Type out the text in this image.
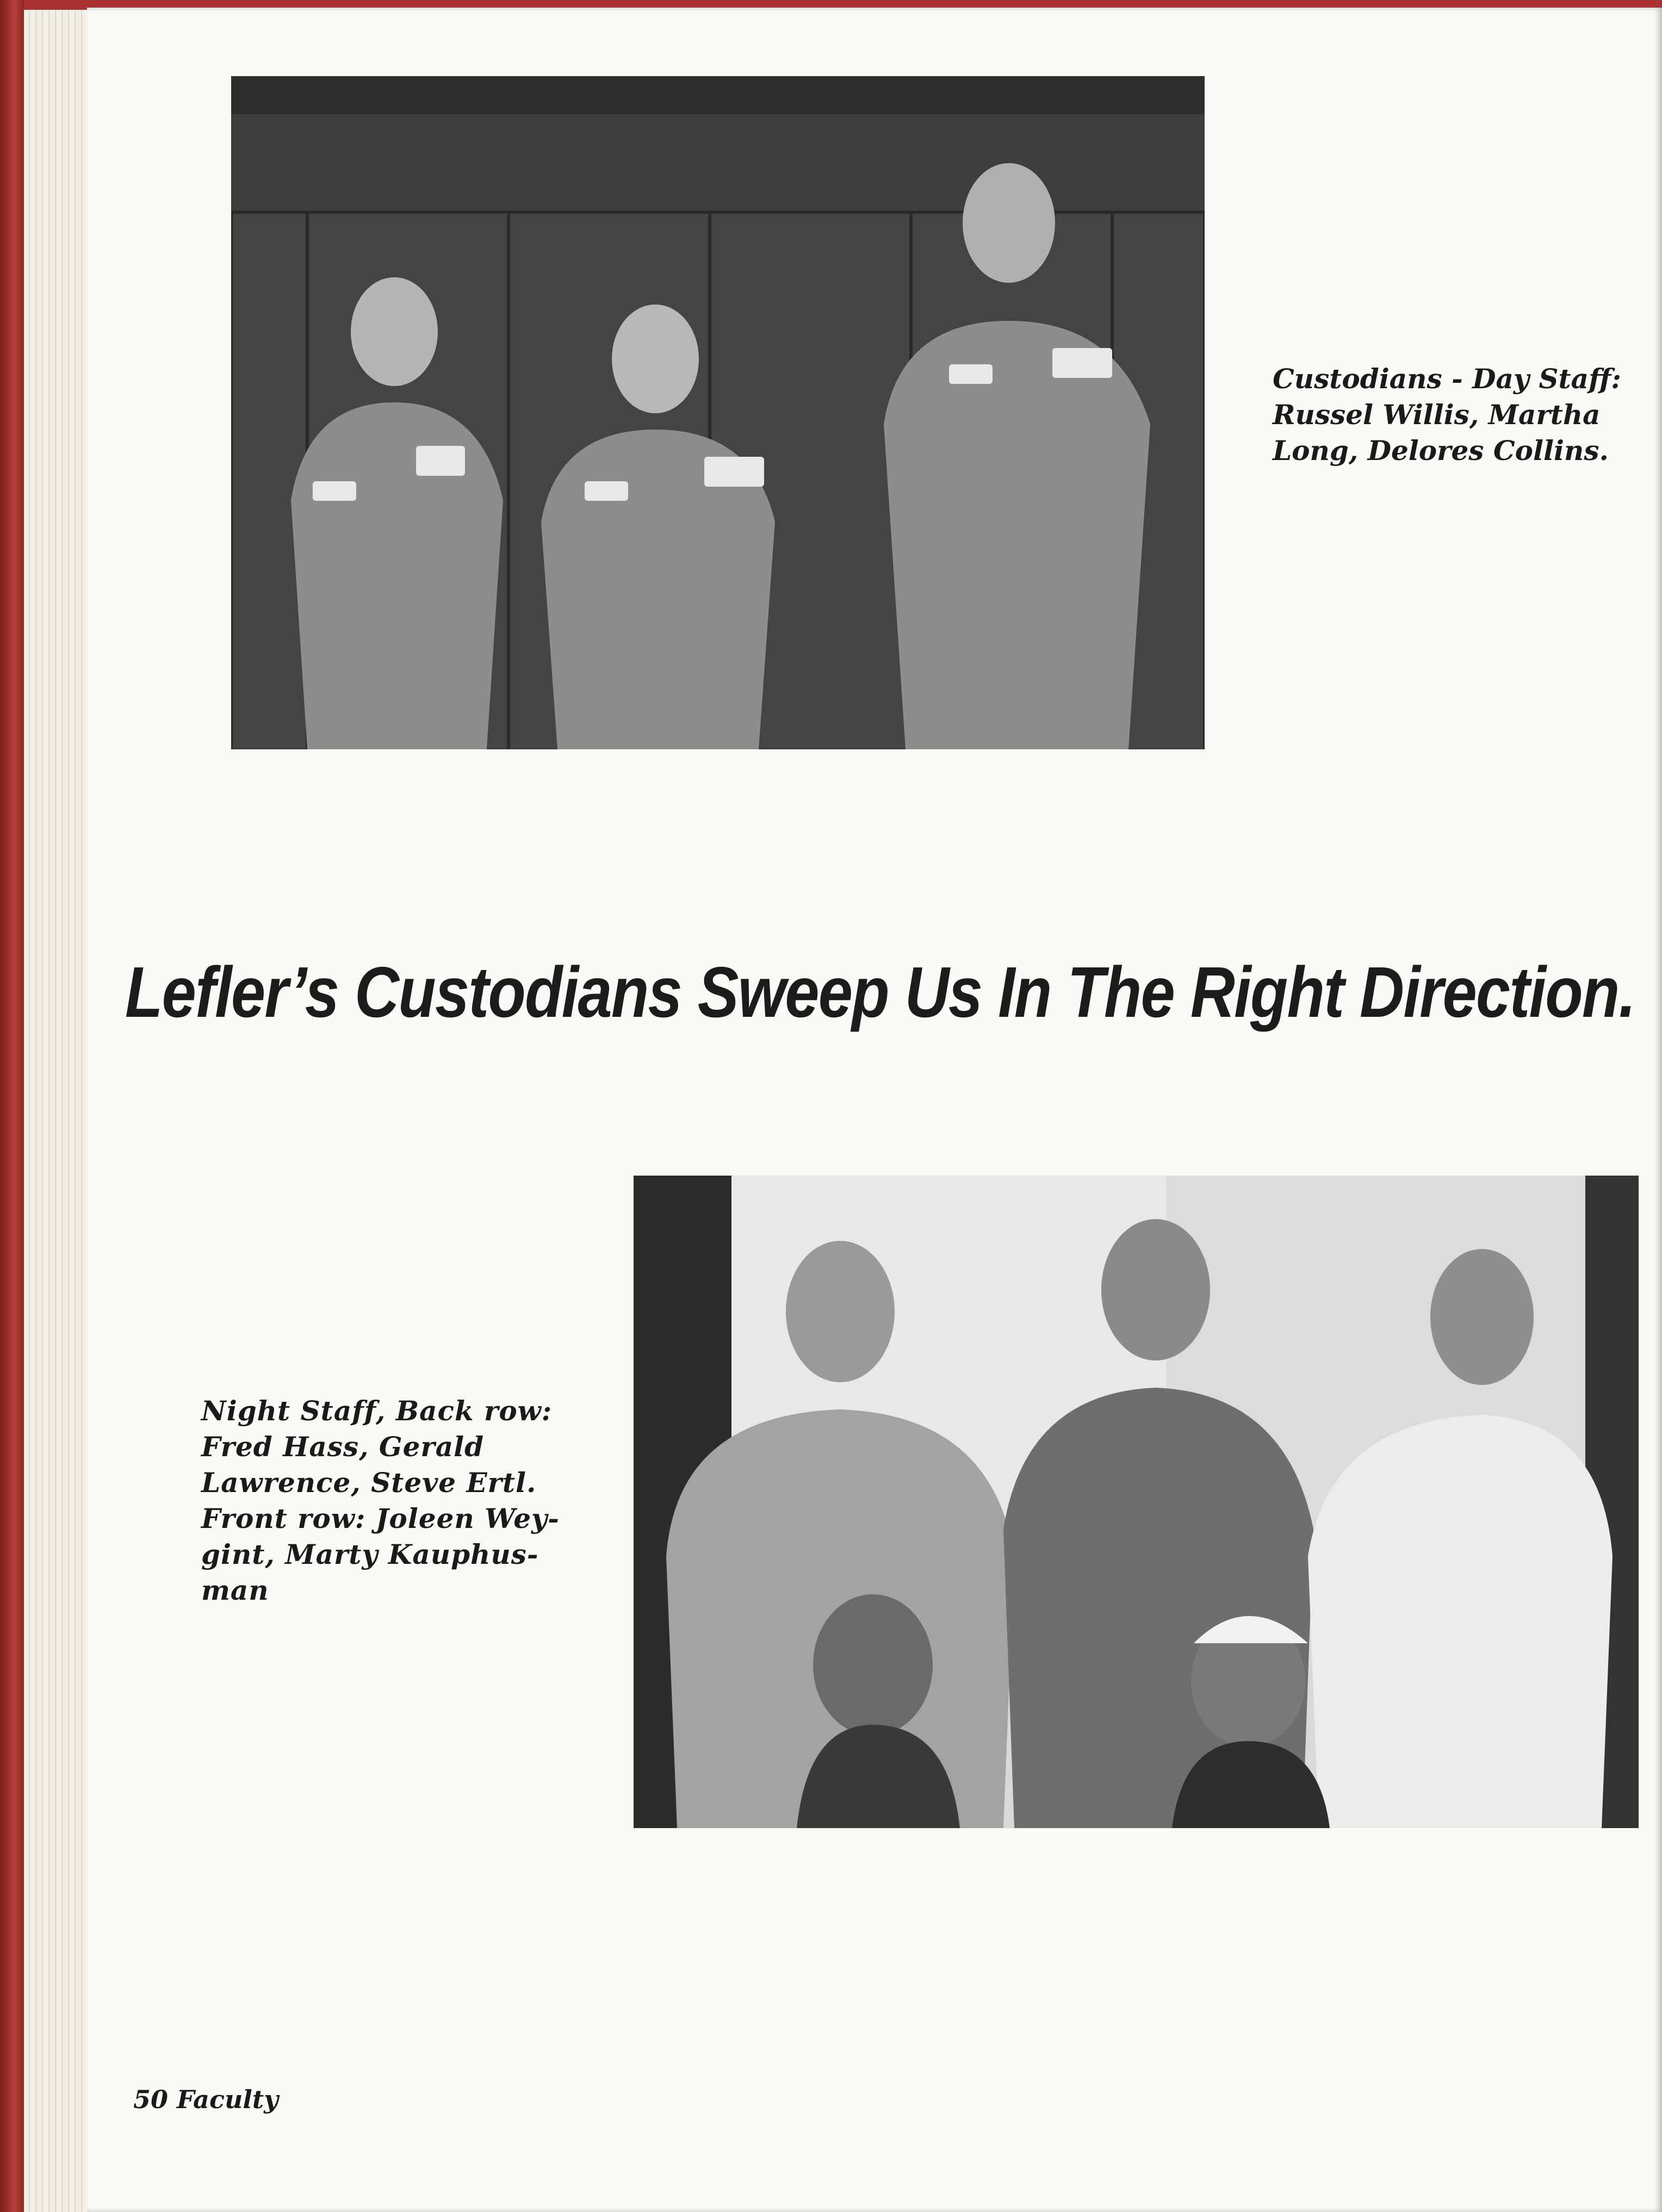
Custodians - Day Staff:
Russel Willis, Martha
Long, Delores Collins.
Lefler’s Custodians Sweep Us In The Right Direction.
Night Staff, Back row:
Fred Hass, Gerald
Lawrence, Steve Ertl.
Front row: Joleen Wey-
gint, Marty Kauphus-
man
50 Faculty
